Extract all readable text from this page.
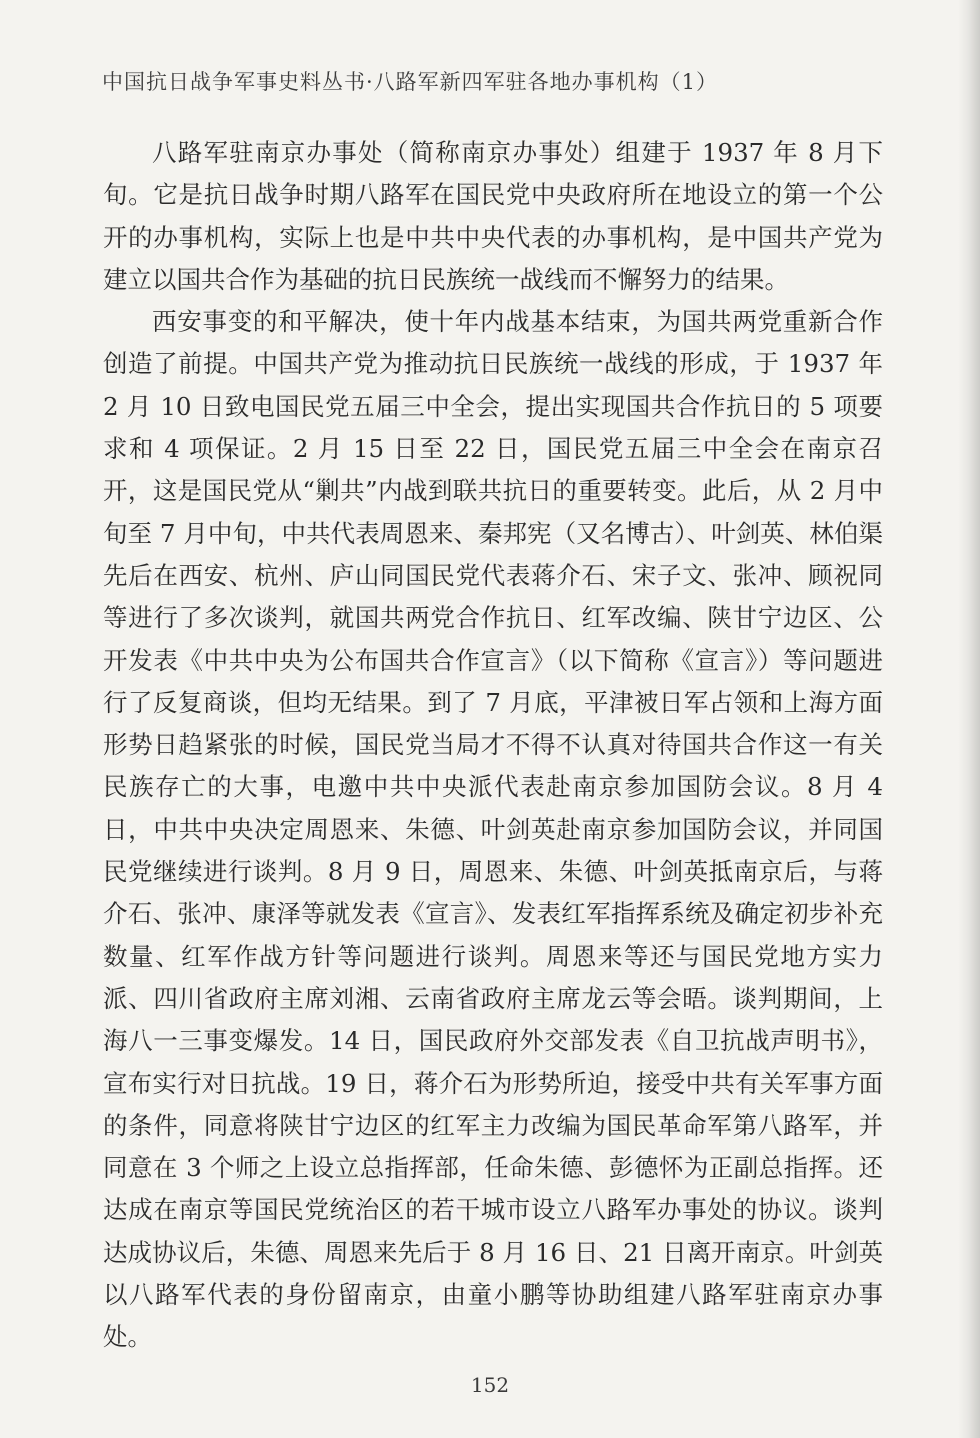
中国抗日战争军事史料丛书·八路军新四军驻各地办事机构（1）

八路军驻南京办事处（简称南京办事处）组建于 1937 年 8 月下旬。它是抗日战争时期八路军在国民党中央政府所在地设立的第一个公开的办事机构，实际上也是中共中央代表的办事机构，是中国共产党为建立以国共合作为基础的抗日民族统一战线而不懈努力的结果。

西安事变的和平解决，使十年内战基本结束，为国共两党重新合作创造了前提。中国共产党为推动抗日民族统一战线的形成，于 1937 年 2 月 10 日致电国民党五届三中全会，提出实现国共合作抗日的 5 项要求和 4 项保证。2 月 15 日至 22 日，国民党五届三中全会在南京召开，这是国民党从“剿共”内战到联共抗日的重要转变。此后，从 2 月中旬至 7 月中旬，中共代表周恩来、秦邦宪（又名博古）、叶剑英、林伯渠先后在西安、杭州、庐山同国民党代表蒋介石、宋子文、张冲、顾祝同等进行了多次谈判，就国共两党合作抗日、红军改编、陕甘宁边区、公开发表《中共中央为公布国共合作宣言》（以下简称《宣言》）等问题进行了反复商谈，但均无结果。到了 7 月底，平津被日军占领和上海方面形势日趋紧张的时候，国民党当局才不得不认真对待国共合作这一有关民族存亡的大事，电邀中共中央派代表赴南京参加国防会议。8 月 4 日，中共中央决定周恩来、朱德、叶剑英赴南京参加国防会议，并同国民党继续进行谈判。8 月 9 日，周恩来、朱德、叶剑英抵南京后，与蒋介石、张冲、康泽等就发表《宣言》、发表红军指挥系统及确定初步补充数量、红军作战方针等问题进行谈判。周恩来等还与国民党地方实力派、四川省政府主席刘湘、云南省政府主席龙云等会晤。谈判期间，上海八一三事变爆发。14 日，国民政府外交部发表《自卫抗战声明书》，宣布实行对日抗战。19 日，蒋介石为形势所迫，接受中共有关军事方面的条件，同意将陕甘宁边区的红军主力改编为国民革命军第八路军，并同意在 3 个师之上设立总指挥部，任命朱德、彭德怀为正副总指挥。还达成在南京等国民党统治区的若干城市设立八路军办事处的协议。谈判达成协议后，朱德、周恩来先后于 8 月 16 日、21 日离开南京。叶剑英以八路军代表的身份留南京，由童小鹏等协助组建八路军驻南京办事处。

152
